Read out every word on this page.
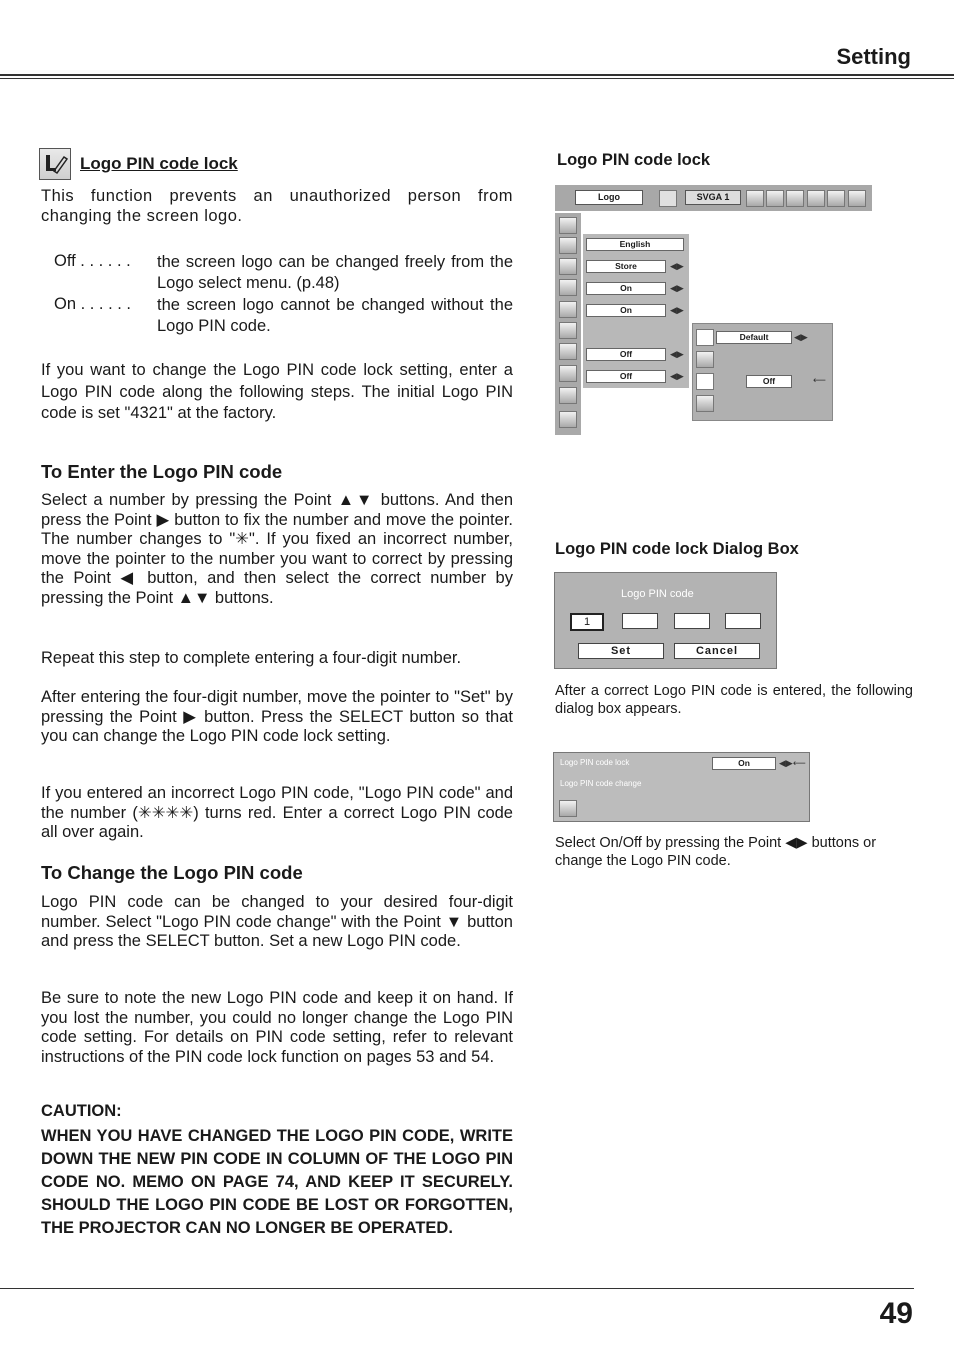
Setting
Logo PIN code lock
This function prevents an unauthorized person from changing the screen logo.
Off . . . . . .	the screen logo can be changed freely from the Logo select menu. (p.48)
On . . . . . .	the screen logo cannot be changed without the Logo PIN code.
If you want to change the Logo PIN code lock setting, enter a Logo PIN code along the following steps. The initial Logo PIN code is set "4321" at the factory.
To Enter the Logo PIN code
Select a number by pressing the Point ▲▼ buttons. And then press the Point ▶ button to fix the number and move the pointer. The number changes to "✳". If you fixed an incorrect number, move the pointer to the number you want to correct by pressing the Point ◀ button, and then select the correct number by pressing the Point ▲▼ buttons.
Repeat this step to complete entering a four-digit number.
After entering the four-digit number, move the pointer to "Set" by pressing the Point ▶ button. Press the SELECT button so that you can change the Logo PIN code lock setting.
If you entered an incorrect Logo PIN code, "Logo PIN code" and the number (✳✳✳✳) turns red. Enter a correct Logo PIN code all over again.
To Change the Logo PIN code
Logo PIN code can be changed to your desired four-digit number. Select "Logo PIN code change" with the Point ▼ button and press the SELECT button. Set a new Logo PIN code.
Be sure to note the new Logo PIN code and keep it on hand. If you lost the number, you could no longer change the Logo PIN code setting. For details on PIN code setting, refer to relevant instructions of the PIN code lock function on pages 53 and 54.
CAUTION:
WHEN YOU HAVE CHANGED THE LOGO PIN CODE, WRITE DOWN THE NEW PIN CODE IN COLUMN OF THE LOGO PIN CODE NO. MEMO ON PAGE 74, AND KEEP IT SECURELY. SHOULD THE LOGO PIN CODE BE LOST OR FORGOTTEN, THE PROJECTOR CAN NO LONGER BE OPERATED.
Logo PIN code lock
Logo	SVGA 1
English
Store	◀▶
On	◀▶
On	◀▶
Off	◀▶
Off	◀▶
Default	◀▶
Off	⟵
Logo PIN code lock Dialog Box
Logo PIN code
1
Set	Cancel
After a correct Logo PIN code is entered, the following dialog box appears.
Logo PIN code lock	On	◀▶⟵
Logo PIN code change
Select On/Off by pressing the Point ◀▶ buttons or change the Logo PIN code.
49
